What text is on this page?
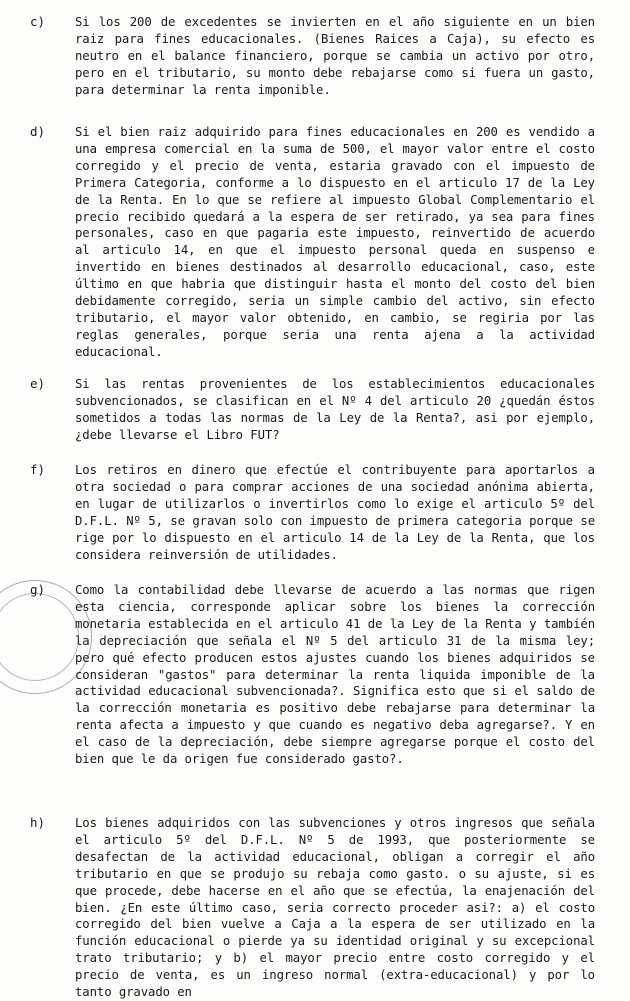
c) Si los 200 de excedentes se invierten en el año siguiente en un bien raiz para fines educacionales. (Bienes Raices a Caja), su efecto es neutro en el balance financiero, porque se cambia un activo por otro, pero en el tributario, su monto debe rebajarse como si fuera un gasto, para determinar la renta imponible.

d) Si el bien raiz adquirido para fines educacionales en 200 es vendido a una empresa comercial en la suma de 500, el mayor valor entre el costo corregido y el precio de venta, estaria gravado con el impuesto de Primera Categoria, conforme a lo dispuesto en el articulo 17 de la Ley de la Renta. En lo que se refiere al impuesto Global Complementario el precio recibido quedará a la espera de ser retirado, ya sea para fines personales, caso en que pagaria este impuesto, reinvertido de acuerdo al articulo 14, en que el impuesto personal queda en suspenso e invertido en bienes destinados al desarrollo educacional, caso, este último en que habria que distinguir hasta el monto del costo del bien debidamente corregido, seria un simple cambio del activo, sin efecto tributario, el mayor valor obtenido, en cambio, se regiria por las reglas generales, porque seria una renta ajena a la actividad educacional.

e) Si las rentas provenientes de los establecimientos educacionales subvencionados, se clasifican en el Nº 4 del articulo 20 ¿quedán éstos sometidos a todas las normas de la Ley de la Renta?, asi por ejemplo, ¿debe llevarse el Libro FUT?

f) Los retiros en dinero que efectúe el contribuyente para aportarlos a otra sociedad o para comprar acciones de una sociedad anónima abierta, en lugar de utilizarlos o invertirlos como lo exige el articulo 5º del D.F.L. Nº 5, se gravan solo con impuesto de primera categoria porque se rige por lo dispuesto en el articulo 14 de la Ley de la Renta, que los considera reinversión de utilidades.

g) Como la contabilidad debe llevarse de acuerdo a las normas que rigen esta ciencia, corresponde aplicar sobre los bienes la corrección monetaria establecida en el articulo 41 de la Ley de la Renta y también la depreciación que señala el Nº 5 del articulo 31 de la misma ley; pero qué efecto producen estos ajustes cuando los bienes adquiridos se consideran "gastos" para determinar la renta liquida imponible de la actividad educacional subvencionada?. Significa esto que si el saldo de la corrección monetaria es positivo debe rebajarse para determinar la renta afecta a impuesto y que cuando es negativo deba agregarse?. Y en el caso de la depreciación, debe siempre agregarse porque el costo del bien que le da origen fue considerado gasto?.

h) Los bienes adquiridos con las subvenciones y otros ingresos que señala el articulo 5º del D.F.L. Nº 5 de 1993, que posteriormente se desafectan de la actividad educacional, obligan a corregir el año tributario en que se produjo su rebaja como gasto. o su ajuste, si es que procede, debe hacerse en el año que se efectúa, la enajenación del bien. ¿En este último caso, seria correcto proceder asi?: a) el costo corregido del bien vuelve a Caja a la espera de ser utilizado en la función educacional o pierde ya su identidad original y su excepcional trato tributario; y b) el mayor precio entre costo corregido y el precio de venta, es un ingreso normal (extra-educacional) y por lo tanto gravado en
